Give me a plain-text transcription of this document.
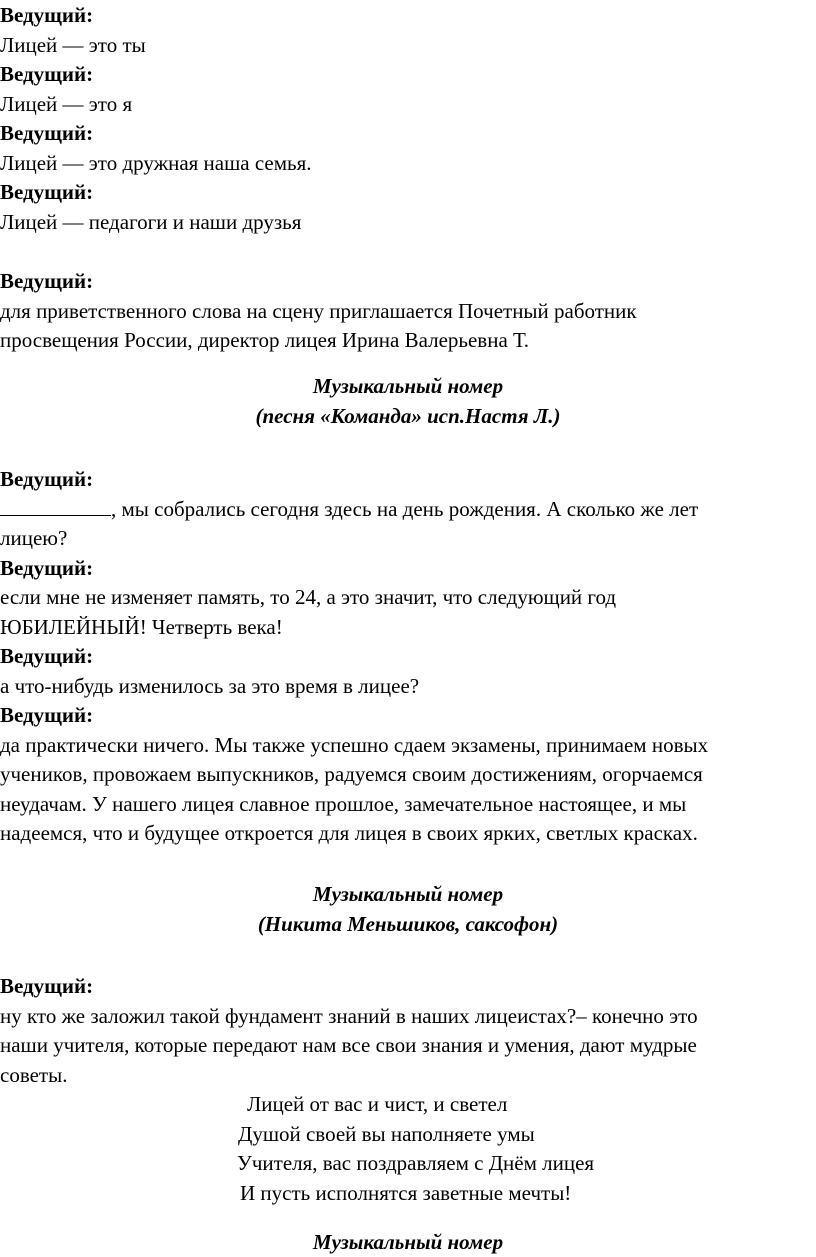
Ведущий:

Лицей — это ты

Ведущий:

Лицей — это я

Ведущий:

Лицей — это дружная наша семья.

Ведущий:

Лицей — педагоги и наши друзья

Ведущий:

для приветственного слова на сцену приглашается Почетный работник

просвещения России, директор лицея Ирина Валерьевна Т.

Музыкальный номер

(песня «Команда» исп.Настя Л.)

Ведущий:

, мы собрались сегодня здесь на день рождения. А сколько же лет

лицею?

Ведущий:

если мне не изменяет память, то 24, а это значит, что следующий год

ЮБИЛЕЙНЫЙ! Четверть века!

Ведущий:

а что-нибудь изменилось за это время в лицее?

Ведущий:

да практически ничего. Мы также успешно сдаем экзамены, принимаем новых

учеников, провожаем выпускников, радуемся своим достижениям, огорчаемся

неудачам. У нашего лицея славное прошлое, замечательное настоящее, и мы

надеемся, что и будущее откроется для лицея в своих ярких, светлых красках.

Музыкальный номер

(Никита Меньшиков, саксофон)

Ведущий:

ну кто же заложил такой фундамент знаний в наших лицеистах?– конечно это

наши учителя, которые передают нам все свои знания и умения, дают мудрые

советы.

Лицей от вас и чист, и светел

Душой своей вы наполняете умы

Учителя, вас поздравляем с Днём лицея

И пусть исполнятся заветные мечты!

Музыкальный номер
